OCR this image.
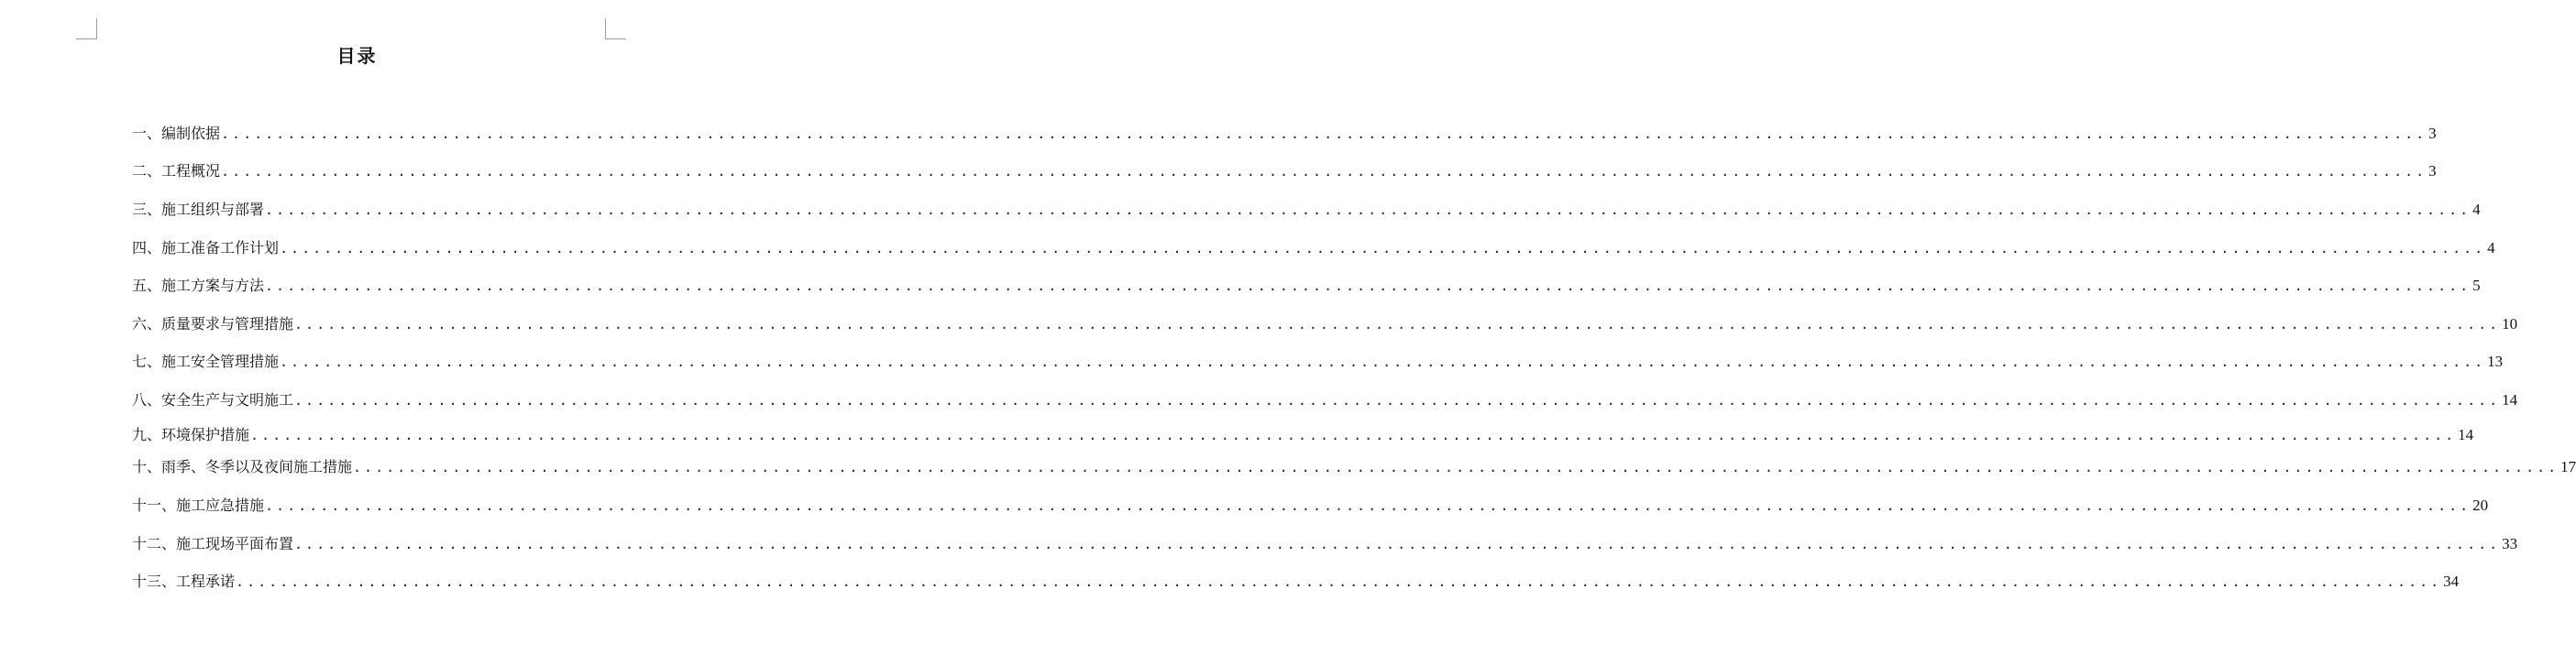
目录
一、编制依据 ........................................................................................................................................................................................................ 3
二、工程概况 ........................................................................................................................................................................................................ 3
三、施工组织与部署 ........................................................................................................................................................................................................ 4
四、施工准备工作计划 ........................................................................................................................................................................................................ 4
五、施工方案与方法 ........................................................................................................................................................................................................ 5
六、质量要求与管理措施 ........................................................................................................................................................................................................ 10
七、施工安全管理措施 ........................................................................................................................................................................................................ 13
八、安全生产与文明施工 ........................................................................................................................................................................................................ 14
九、环境保护措施 ........................................................................................................................................................................................................ 14
十、雨季、冬季以及夜间施工措施 ........................................................................................................................................................................................................ 17
十一、施工应急措施 ........................................................................................................................................................................................................ 20
十二、施工现场平面布置 ........................................................................................................................................................................................................ 33
十三、工程承诺 ........................................................................................................................................................................................................ 34
